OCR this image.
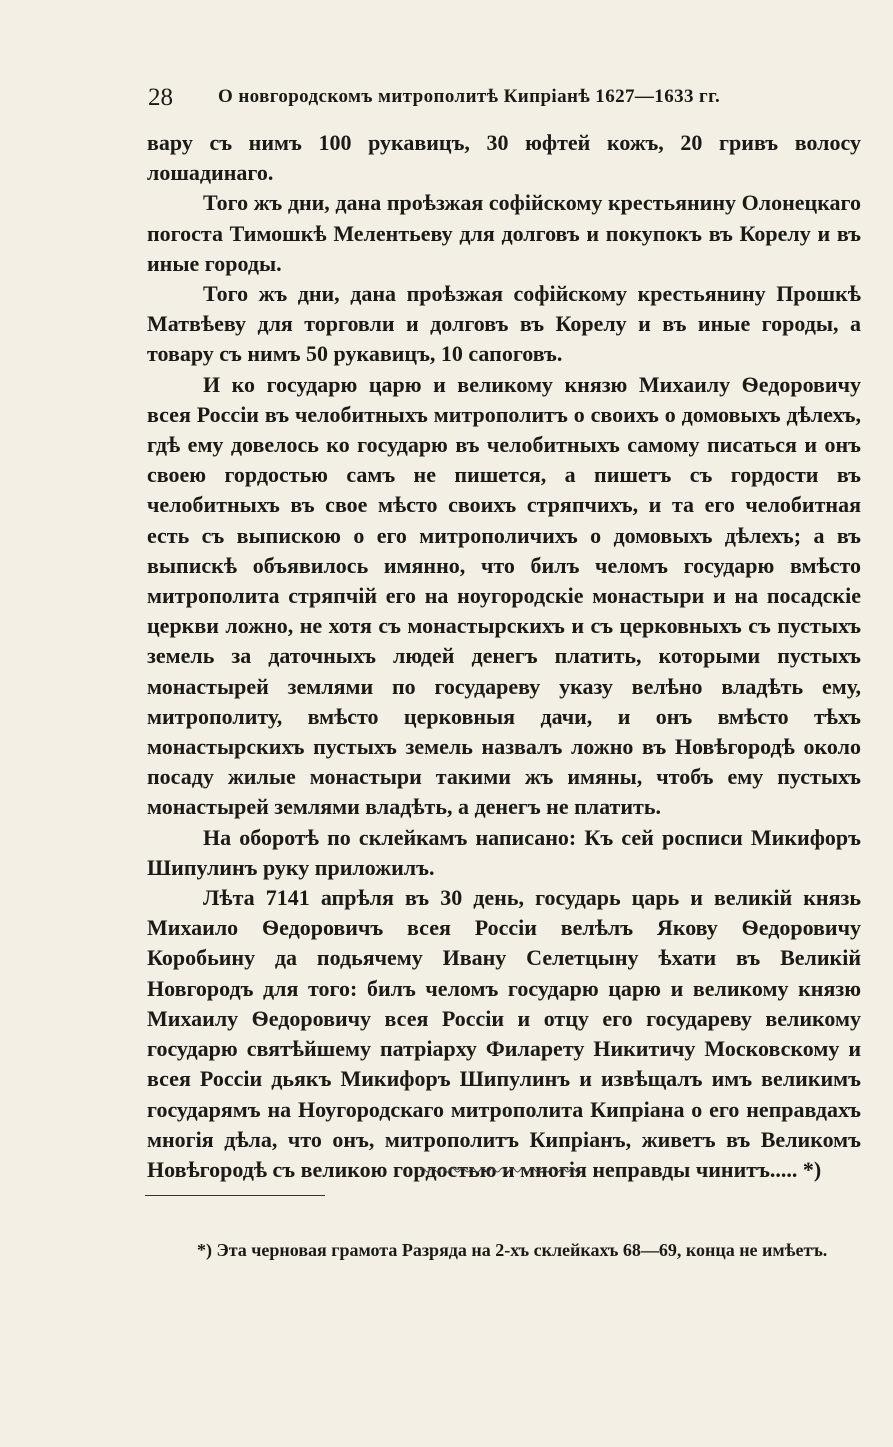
28 О новгородскомъ митрополитѣ Кипріанѣ 1627—1633 гг.

вару съ нимъ 100 рукавицъ, 30 юфтей кожъ, 20 гривъ волосу лошадинаго.

Того жъ дни, дана проѣзжая софійскому крестьянину Олонецкаго погоста Тимошкѣ Мелентьеву для долговъ и покупокъ въ Корелу и въ иные городы.

Того жъ дни, дана проѣзжая софійскому крестьянину Прошкѣ Матвѣеву для торговли и долговъ въ Корелу и въ иные городы, а товару съ нимъ 50 рукавицъ, 10 сапоговъ.

И ко государю царю и великому князю Михаилу Ѳедоровичу всея Россіи въ челобитныхъ митрополитъ о своихъ о домовыхъ дѣлехъ, гдѣ ему довелось ко государю въ челобитныхъ самому писаться и онъ своею гордостью самъ не пишется, а пишетъ съ гордости въ челобитныхъ въ свое мѣсто своихъ стряпчихъ, и та его челобитная есть съ выпискою о его митрополичихъ о домовыхъ дѣлехъ; а въ выпискѣ объявилось имянно, что билъ челомъ государю вмѣсто митрополита стряпчій его на ноугородскіе монастыри и на посадскіе церкви ложно, не хотя съ монастырскихъ и съ церковныхъ съ пустыхъ земель за даточныхъ людей денегъ платить, которыми пустыхъ монастырей землями по государеву указу велѣно владѣть ему, митрополиту, вмѣсто церковныя дачи, и онъ вмѣсто тѣхъ монастырскихъ пустыхъ земель назвалъ ложно въ Новѣгородѣ около посаду жилые монастыри такими жъ имяны, чтобъ ему пустыхъ монастырей землями владѣть, а денегъ не платить.

На оборотѣ по склейкамъ написано: Къ сей росписи Микифоръ Шипулинъ руку приложилъ.

Лѣта 7141 апрѣля въ 30 день, государь царь и великій князь Михаило Ѳедоровичъ всея Россіи велѣлъ Якову Ѳедоровичу Коробьину да подьячему Ивану Селетцыну ѣхати въ Великій Новгородъ для того: билъ челомъ государю царю и великому князю Михаилу Ѳедоровичу всея Россіи и отцу его государеву великому государю святѣйшему патріарху Филарету Никитичу Московскому и всея Россіи дьякъ Микифоръ Шипулинъ и извѣщалъ имъ великимъ государямъ на Ноугородскаго митрополита Кипріана о его неправдахъ многія дѣла, что онъ, митрополитъ Кипріанъ, живетъ въ Великомъ Новѣгородѣ съ великою гордостью и многія неправды чинитъ..... *)

*) Эта черновая грамота Разряда на 2-хъ склейкахъ 68—69, конца не имѣетъ.
